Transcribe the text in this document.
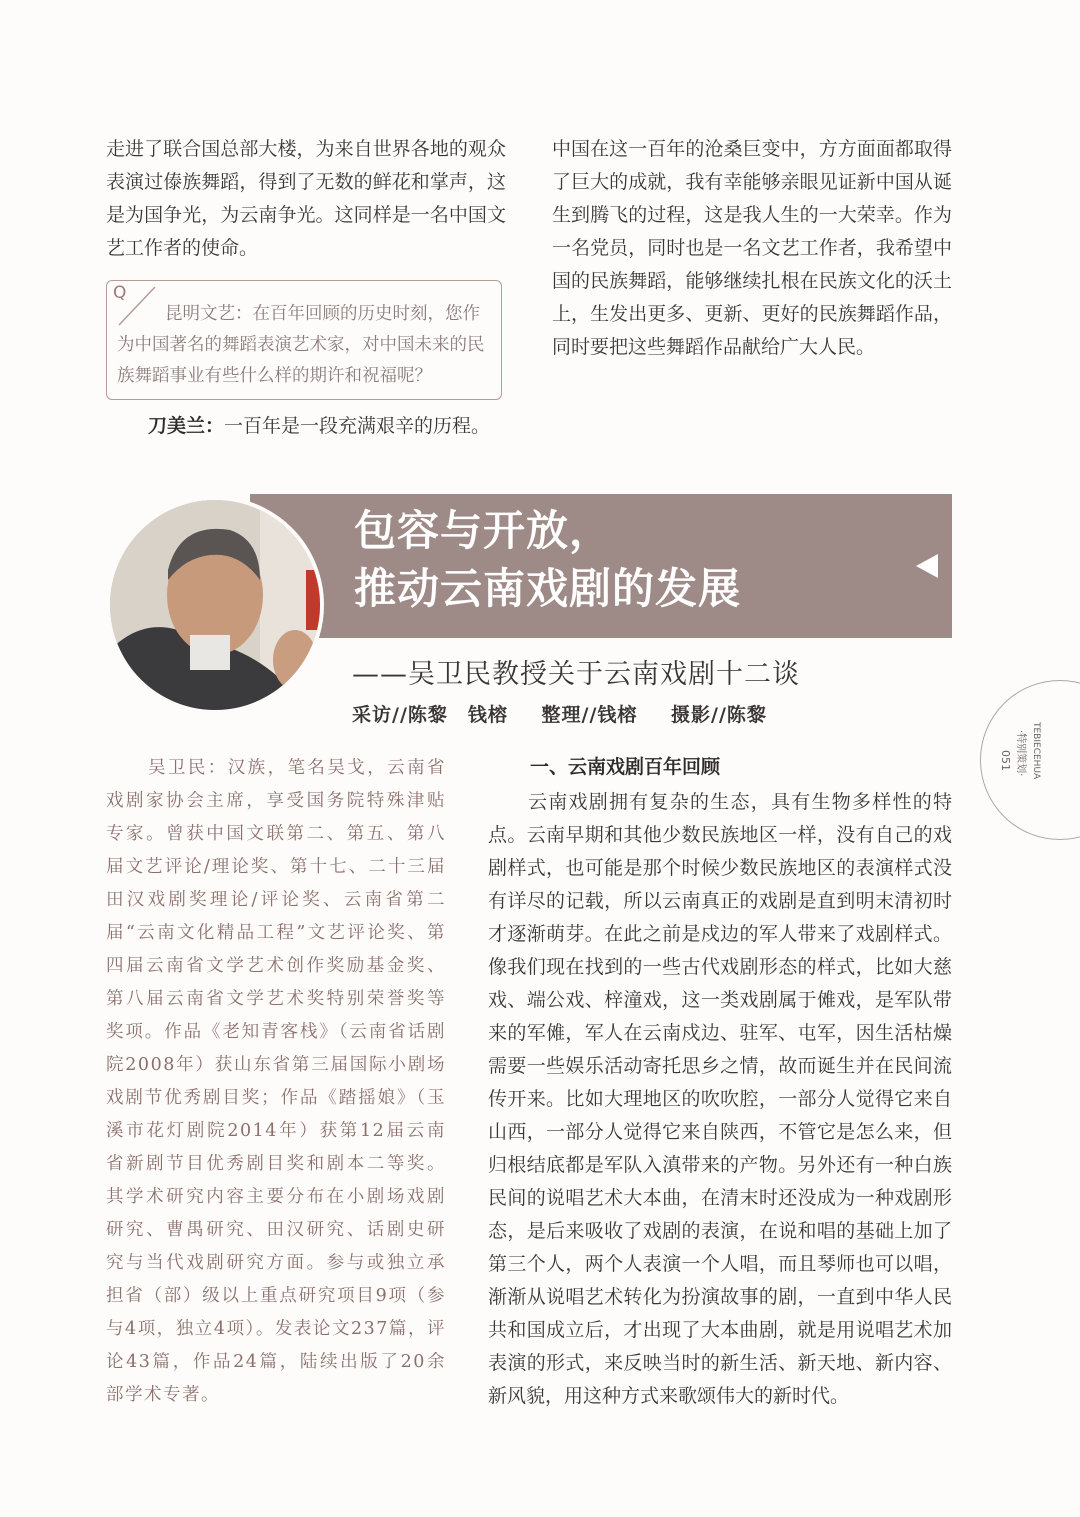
走进了联合国总部大楼，为来自世界各地的观众表演过傣族舞蹈，得到了无数的鲜花和掌声，这是为国争光，为云南争光。这同样是一名中国文艺工作者的使命。

Q
昆明文艺：在百年回顾的历史时刻，您作为中国著名的舞蹈表演艺术家，对中国未来的民族舞蹈事业有些什么样的期许和祝福呢？
刀美兰：一百年是一段充满艰辛的历程。

中国在这一百年的沧桑巨变中，方方面面都取得了巨大的成就，我有幸能够亲眼见证新中国从诞生到腾飞的过程，这是我人生的一大荣幸。作为一名党员，同时也是一名文艺工作者，我希望中国的民族舞蹈，能够继续扎根在民族文化的沃土上，生发出更多、更新、更好的民族舞蹈作品，同时要把这些舞蹈作品献给广大人民。

包容与开放，
推动云南戏剧的发展
——吴卫民教授关于云南戏剧十二谈
采访//陈黎　钱榕 整理//钱榕 摄影//陈黎
吴卫民：汉族，笔名吴戈，云南省戏剧家协会主席，享受国务院特殊津贴专家。曾获中国文联第二、第五、第八届文艺评论/理论奖、第十七、二十三届田汉戏剧奖理论/评论奖、云南省第二届“云南文化精品工程”文艺评论奖、第四届云南省文学艺术创作奖励基金奖、第八届云南省文学艺术奖特别荣誉奖等奖项。作品《老知青客栈》（云南省话剧院2008年）获山东省第三届国际小剧场戏剧节优秀剧目奖；作品《踏摇娘》（玉溪市花灯剧院2014年）获第12届云南省新剧节目优秀剧目奖和剧本二等奖。其学术研究内容主要分布在小剧场戏剧研究、曹禺研究、田汉研究、话剧史研究与当代戏剧研究方面。参与或独立承担省（部）级以上重点研究项目9项（参与4项，独立4项）。发表论文237篇，评论43篇，作品24篇，陆续出版了20余部学术专著。
一、云南戏剧百年回顾
云南戏剧拥有复杂的生态，具有生物多样性的特点。云南早期和其他少数民族地区一样，没有自己的戏剧样式，也可能是那个时候少数民族地区的表演样式没有详尽的记载，所以云南真正的戏剧是直到明末清初时才逐渐萌芽。在此之前是戍边的军人带来了戏剧样式。像我们现在找到的一些古代戏剧形态的样式，比如大慈戏、端公戏、梓潼戏，这一类戏剧属于傩戏，是军队带来的军傩，军人在云南戍边、驻军、屯军，因生活枯燥需要一些娱乐活动寄托思乡之情，故而诞生并在民间流传开来。比如大理地区的吹吹腔，一部分人觉得它来自山西，一部分人觉得它来自陕西，不管它是怎么来，但归根结底都是军队入滇带来的产物。另外还有一种白族民间的说唱艺术大本曲，在清末时还没成为一种戏剧形态，是后来吸收了戏剧的表演，在说和唱的基础上加了第三个人，两个人表演一个人唱，而且琴师也可以唱，渐渐从说唱艺术转化为扮演故事的剧，一直到中华人民共和国成立后，才出现了大本曲剧，就是用说唱艺术加表演的形式，来反映当时的新生活、新天地、新内容、新风貌，用这种方式来歌颂伟大的新时代。
TEBIECEHUA
·特别策划·
051
